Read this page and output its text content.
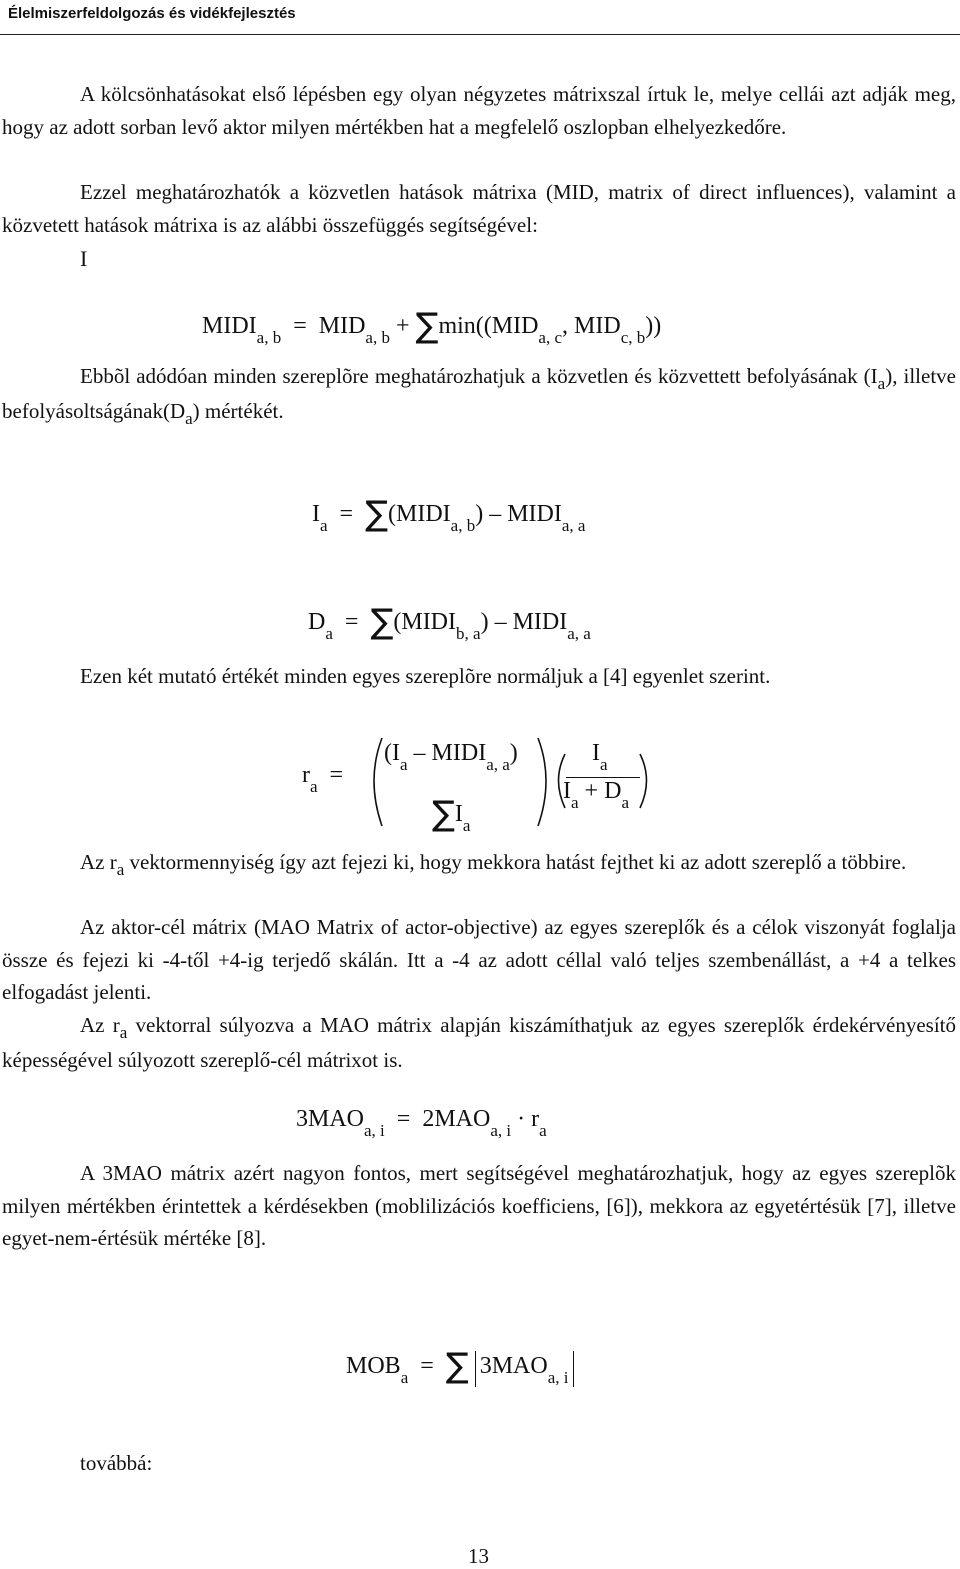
Élelmiszerfeldolgozás és vidékfejlesztés

A kölcsönhatásokat első lépésben egy olyan négyzetes mátrixszal írtuk le, melye cellái azt adják meg, hogy az adott sorban levő aktor milyen mértékben hat a megfelelő oszlopban elhelyezkedőre.

Ezzel meghatározhatók a közvetlen hatások mátrixa (MID, matrix of direct influences), valamint a közvetett hatások mátrixa is az alábbi összefüggés segítségével:

I
$MIDI_{a, b} = MID_{a, b} + \sum\min((MID_{a, c}$, $MID_{c, b}$))

Ebbõl adódóan minden szereplõre meghatározhatjuk a közvetlen és közvettett befolyásának $(I_a)$, illetve $befolyásoltságának(D_a)$ mértékét.

$I_a$ = $\sum(MIDI_{a, b})$ – $MIDI_{a, a}$
$D_a$ = $\sum(MIDI_{b, a})$ – $MIDI_{a, a}$

Ezen két mutató értékét minden egyes szereplõre normáljuk a [4] egyenlet szerint.

$r_a$ =
($I_a$ – $MIDI_{a, a}$)
$\sum I_a$
$I_a$
$I_a + D_a$

Az $r_a$ vektormennyiség így azt fejezi ki, hogy mekkora hatást fejthet ki az adott szereplő a többire.

Az aktor-cél mátrix (MAO Matrix of actor-objective) az egyes szereplők és a célok viszonyát foglalja össze és fejezi ki -4-től +4-ig terjedő skálán. Itt a -4 az adott céllal való teljes szembenállást, a +4 a telkes elfogadást jelenti.

Az $r_a$ vektorral súlyozva a MAO mátrix alapján kiszámíthatjuk az egyes szereplők érdekérvényesítő képességével súlyozott szereplő-cél mátrixot is.

$3MAO_{a, i} = 2MAO_{a, i} \cdot r_a$

A 3MAO mátrix azért nagyon fontos, mert segítségével meghatározhatjuk, hogy az egyes szereplõk milyen mértékben érintettek a kérdésekben (moblilizációs koefficiens, [6]), mekkora az egyetértésük [7], illetve egyet-nem-értésük mértéke [8].

$MOB_a$ = ∑ $3MAO_{a, i}$
továbbá:
13
